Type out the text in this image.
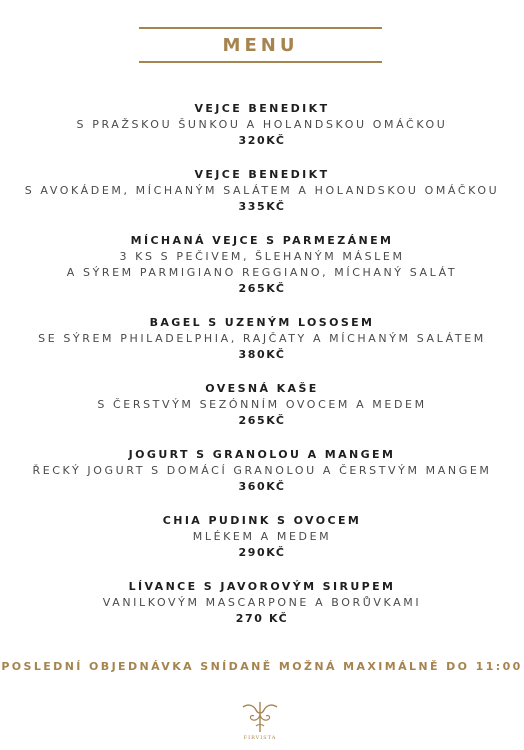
MENU
VEJCE BENEDIKT
S PRAŽSKOU ŠUNKOU A HOLANDSKOU OMÁČKOU
320KČ
VEJCE BENEDIKT
S AVOKÁDEM, MÍCHANÝM SALÁTEM A HOLANDSKOU OMÁČKOU
335KČ
MÍCHANÁ VEJCE S PARMEZÁNEM
3 KS S PEČIVEM, ŠLEHANÝM MÁSLEM
A SÝREM PARMIGIANO REGGIANO, MÍCHANÝ SALÁT
265KČ
BAGEL S UZENÝM LOSOSEM
SE SÝREM PHILADELPHIA, RAJČATY A MÍCHANÝM SALÁTEM
380KČ
OVESNÁ KAŠE
S ČERSTVÝM SEZÓNNÍM OVOCEM A MEDEM
265KČ
JOGURT S GRANOLOU A MANGEM
ŘECKÝ JOGURT S DOMÁCÍ GRANOLOU A ČERSTVÝM MANGEM
360KČ
CHIA PUDINK S OVOCEM
MLÉKEM A MEDEM
290KČ
LÍVANCE S JAVOROVÝM SIRUPEM
VANILKOVÝM MASCARPONE A BORŮVKAMI
270 KČ
POSLEDNÍ OBJEDNÁVKA SNÍDANĚ MOŽNÁ MAXIMÁLNĚ DO 11:00
FIRVISTA
